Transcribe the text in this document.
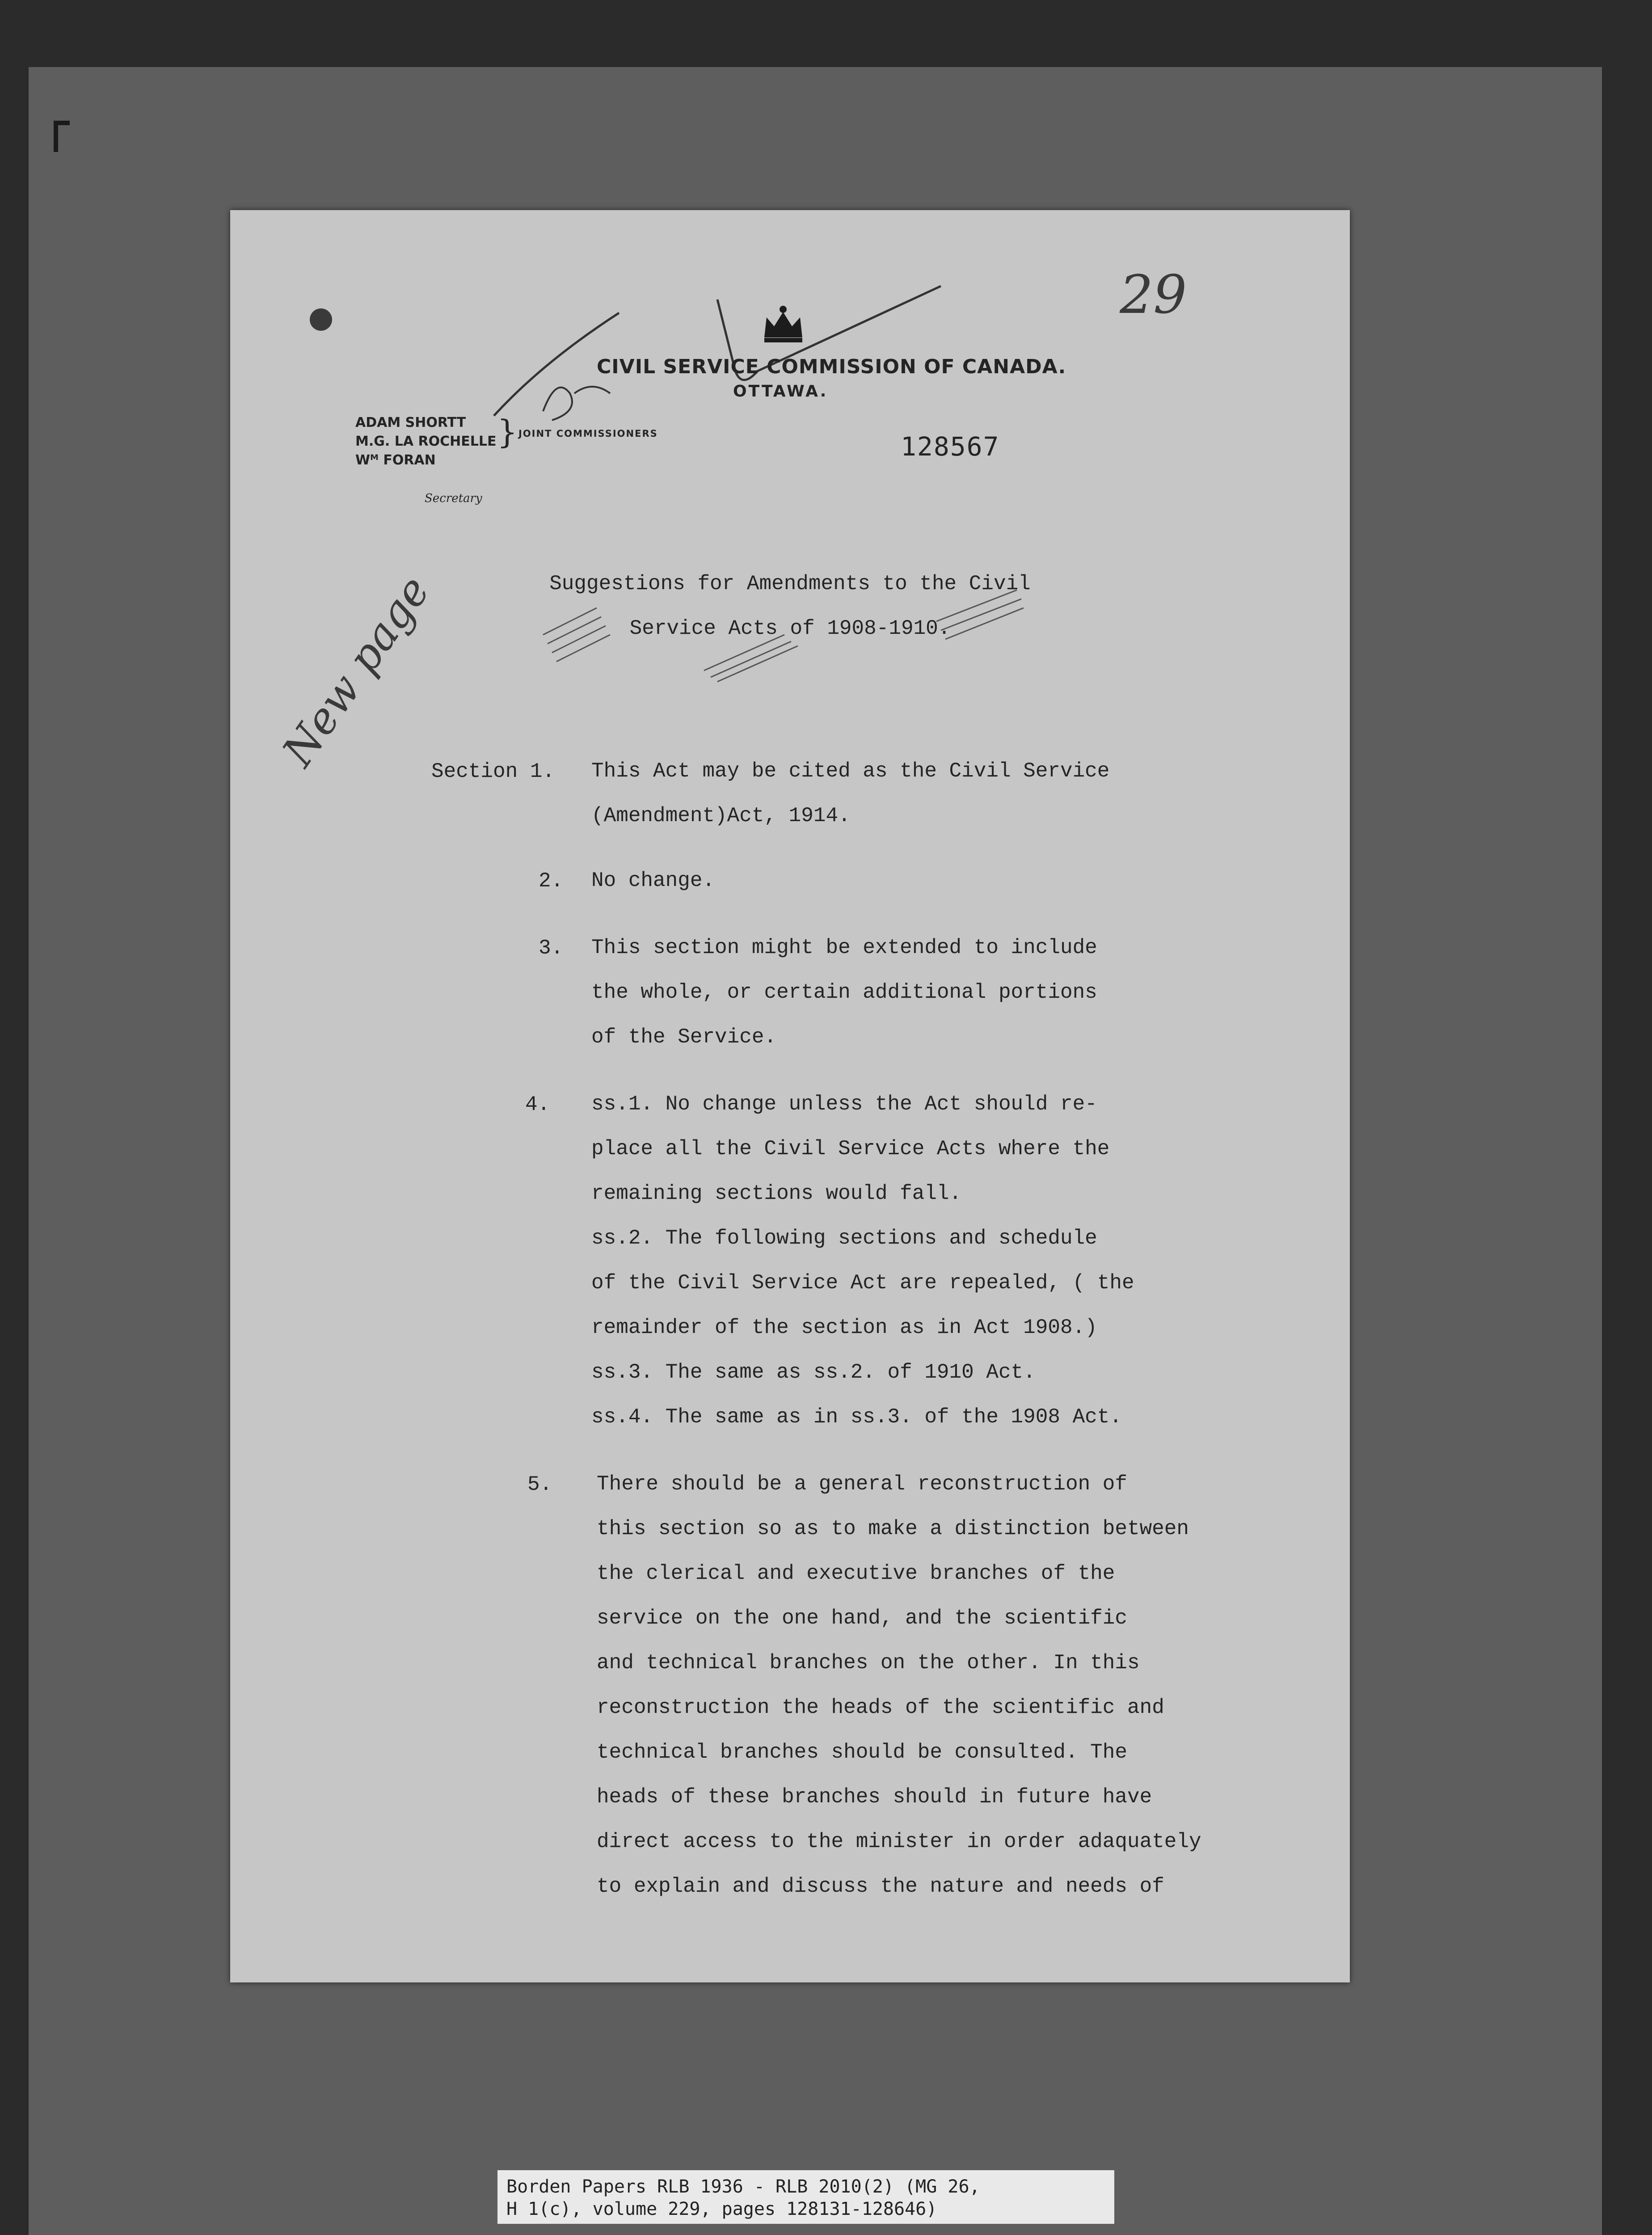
29
New page
CIVIL SERVICE COMMISSION OF CANADA.
OTTAWA.
ADAM SHORTT
M.G. LA ROCHELLE
Wᴹ FORAN
} JOINT COMMISSIONERS
Secretary
128567
Suggestions for Amendments to the Civil
Service Acts of 1908-1910.
Section 1. This Act may be cited as the Civil Service
(Amendment)Act, 1914.
2. No change.
3. This section might be extended to include
the whole, or certain additional portions
of the Service.
4. ss.1. No change unless the Act should re-
place all the Civil Service Acts where the
remaining sections would fall.
ss.2. The following sections and schedule
of the Civil Service Act are repealed, ( the
remainder of the section as in Act 1908.)
ss.3. The same as ss.2. of 1910 Act.
ss.4. The same as in ss.3. of the 1908 Act.
5. There should be a general reconstruction of
this section so as to make a distinction between
the clerical and executive branches of the
service on the one hand, and the scientific
and technical branches on the other. In this
reconstruction the heads of the scientific and
technical branches should be consulted. The
heads of these branches should in future have
direct access to the minister in order adaquately
to explain and discuss the nature and needs of
Borden Papers RLB 1936 - RLB 2010(2) (MG 26,
H 1(c), volume 229, pages 128131-128646)
